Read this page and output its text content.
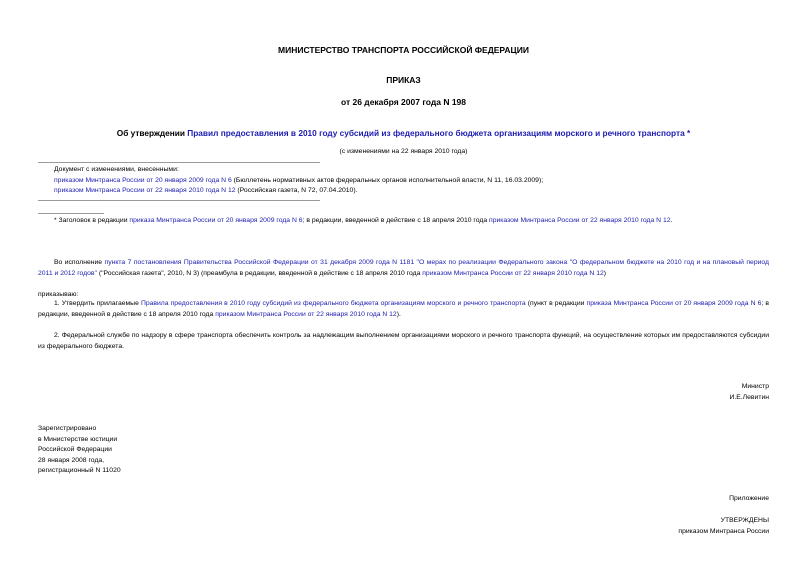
МИНИСТЕРСТВО ТРАНСПОРТА РОССИЙСКОЙ ФЕДЕРАЦИИ
ПРИКАЗ
от 26 декабря 2007 года N 198
Об утверждении Правил предоставления в 2010 году субсидий из федерального бюджета организациям морского и речного транспорта *
(с изменениями на 22 января 2010 года)
Документ с изменениями, внесенными:
приказом Минтранса России от 20 января 2009 года N 6 (Бюллетень нормативных актов федеральных органов исполнительной власти, N 11, 16.03.2009);
приказом Минтранса России от 22 января 2010 года N 12 (Российская газета, N 72, 07.04.2010).
* Заголовок в редакции приказа Минтранса России от 20 января 2009 года N 6; в редакции, введенной в действие с 18 апреля 2010 года приказом Минтранса России от 22 января 2010 года N 12.
Во исполнение пункта 7 постановления Правительства Российской Федерации от 31 декабря 2009 года N 1181 "О мерах по реализации Федерального закона "О федеральном бюджете на 2010 год и на плановый период 2011 и 2012 годов" ("Российская газета", 2010, N 3) (преамбула в редакции, введенной в действие с 18 апреля 2010 года приказом Минтранса России от 22 января 2010 года N 12)
приказываю:
1. Утвердить прилагаемые Правила предоставления в 2010 году субсидий из федерального бюджета организациям морского и речного транспорта (пункт в редакции приказа Минтранса России от 20 января 2009 года N 6; в редакции, введенной в действие с 18 апреля 2010 года приказом Минтранса России от 22 января 2010 года N 12).
2. Федеральной службе по надзору в сфере транспорта обеспечить контроль за надлежащим выполнением организациями морского и речного транспорта функций, на осуществление которых им предоставляются субсидии из федерального бюджета.
Министр
И.Е.Левитин
Зарегистрировано
в Министерстве юстиции
Российской Федерации
28 января 2008 года,
регистрационный N 11020
Приложение
УТВЕРЖДЕНЫ
приказом Минтранса России
